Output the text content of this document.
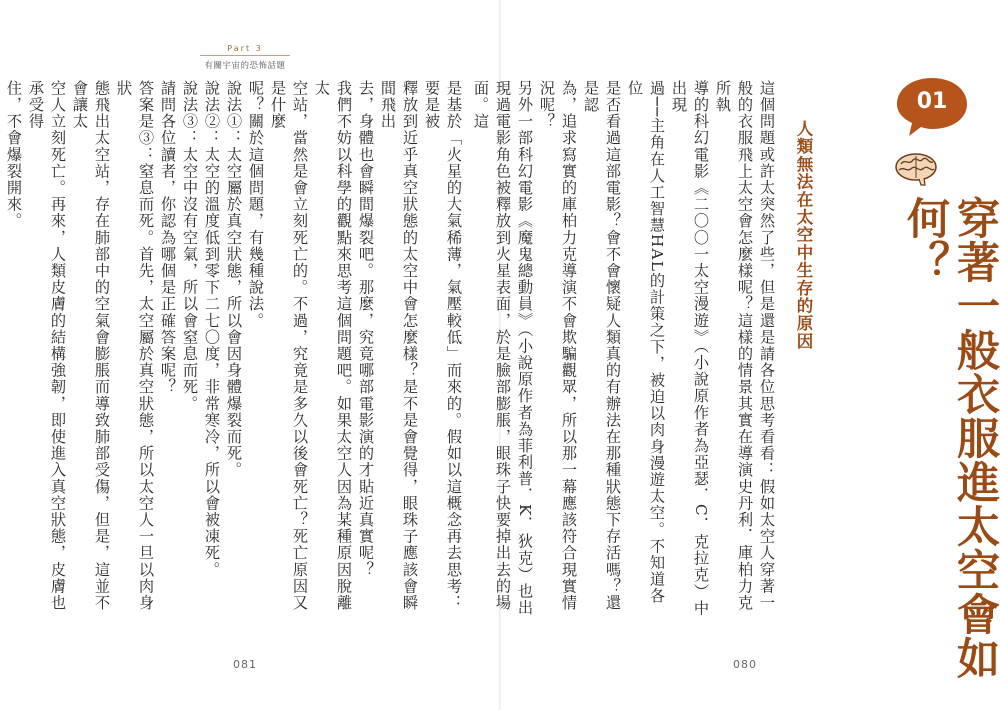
Part 3
有關宇宙的恐怖話題
是基於「火星的大氣稀薄，氣壓較低」而來的。假如以這概念再去思考：要是被
釋放到近乎真空狀態的太空中會怎麼樣？是不是會覺得，眼珠子應該會瞬間飛出
去，身體也會瞬間爆裂吧。那麼，究竟哪部電影演的才貼近真實呢？
我們不妨以科學的觀點來思考這個問題吧。如果太空人因為某種原因脫離太
空站，當然是會立刻死亡的。不過，究竟是多久以後會死亡？死亡原因又是什麼
呢？關於這個問題，有幾種說法。
說法①：太空屬於真空狀態，所以會因身體爆裂而死。
說法②：太空的溫度低到零下二七〇度，非常寒冷，所以會被凍死。
說法③：太空中沒有空氣，所以會窒息而死。
請問各位讀者，你認為哪個是正確答案呢？
答案是③：窒息而死。首先，太空屬於真空狀態，所以太空人一旦以肉身狀
態飛出太空站，存在肺部中的空氣會膨脹而導致肺部受傷，但是，這並不會讓太
空人立刻死亡。再來，人類皮膚的結構強韌，即使進入真空狀態，皮膚也承受得
住，不會爆裂開來。	這個問題或許太突然了些，但是還是請各位思考看看：假如太空人穿著一
般的衣服飛上太空會怎麼樣呢？這樣的情景其實在導演史丹利．庫柏力克所執
導的科幻電影《二〇〇一太空漫遊》（小說原作者為亞瑟．C．克拉克）中出現
過──主角在人工智慧HAL的計策之下，被迫以肉身漫遊太空。不知道各位
是否看過這部電影？會不會懷疑人類真的有辦法在那種狀態下存活嗎？還是認
為，追求寫實的庫柏力克導演不會欺騙觀眾，所以那一幕應該符合現實情況呢？
另外一部科幻電影《魔鬼總動員》（小說原作者為菲利普．K．狄克）也出
現過電影角色被釋放到火星表面，於是臉部膨脹，眼珠子快要掉出去的場面。這
人類無法在太空中生存的原因
01
穿著一般衣服進太空會如何？
081	080
